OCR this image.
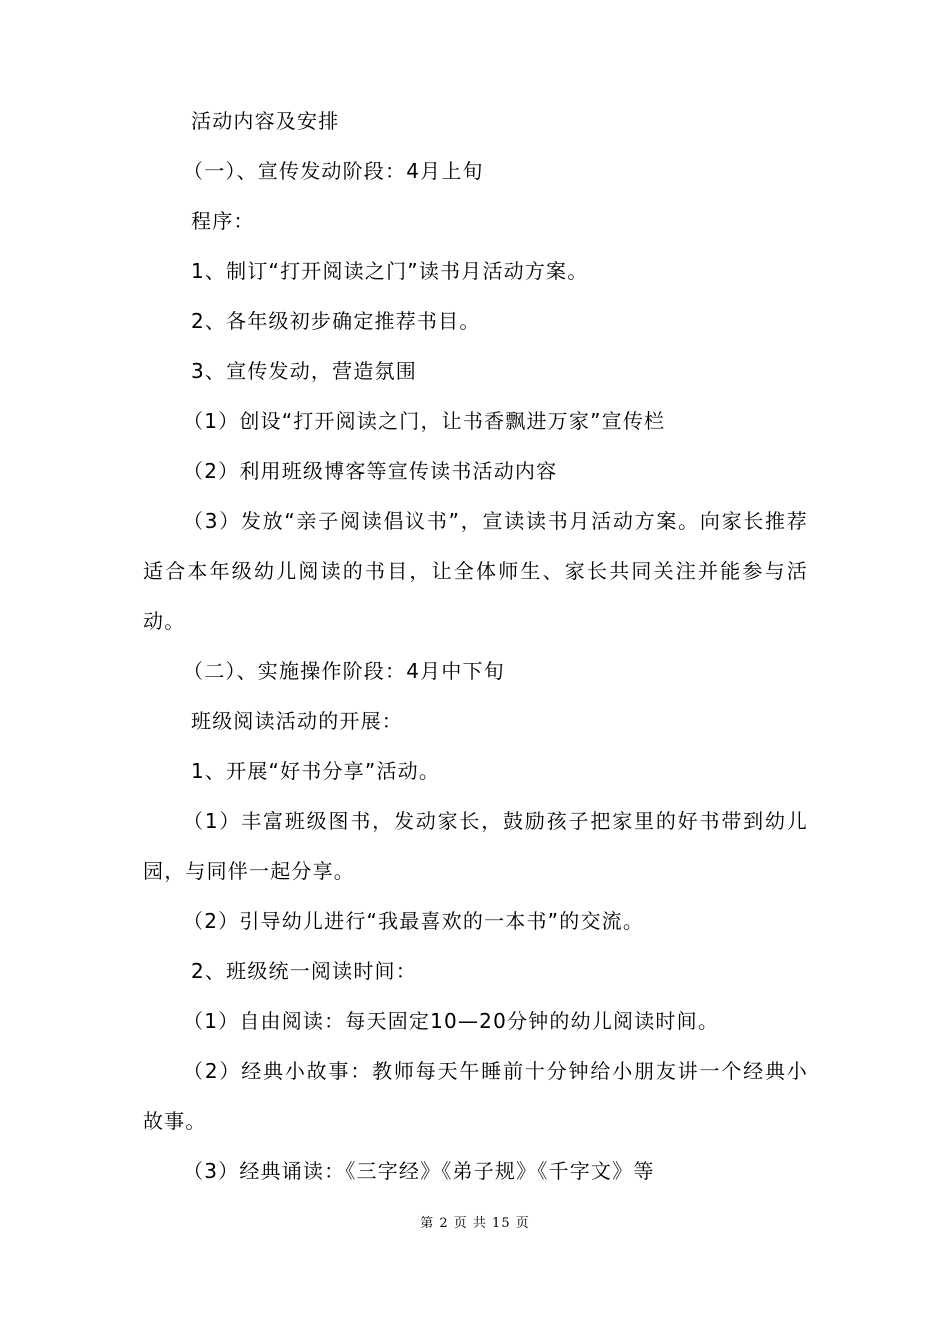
活动内容及安排

（一）、宣传发动阶段：4月上旬

程序：

1、制订“打开阅读之门”读书月活动方案。

2、各年级初步确定推荐书目。

3、宣传发动，营造氛围

（1）创设“打开阅读之门，让书香飘进万家”宣传栏

（2）利用班级博客等宣传读书活动内容

（3）发放“亲子阅读倡议书”，宣读读书月活动方案。向家长推荐适合本年级幼儿阅读的书目，让全体师生、家长共同关注并能参与活动。

（二）、实施操作阶段：4月中下旬

班级阅读活动的开展：

1、开展“好书分享”活动。

（1）丰富班级图书，发动家长，鼓励孩子把家里的好书带到幼儿园，与同伴一起分享。

（2）引导幼儿进行“我最喜欢的一本书”的交流。

2、班级统一阅读时间：

（1）自由阅读：每天固定10—20分钟的幼儿阅读时间。

（2）经典小故事：教师每天午睡前十分钟给小朋友讲一个经典小故事。

（3）经典诵读：《三字经》《弟子规》《千字文》等

第 2 页 共 15 页
